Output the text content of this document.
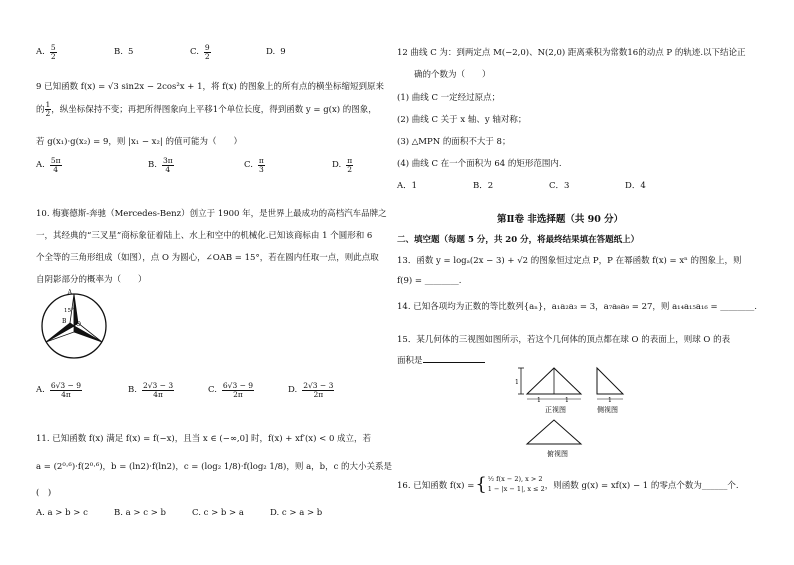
A. $\frac{5}{2}$	B. 5	C. $\frac{9}{2}$	D. 9
9 已知函数 f(x) = √3 sin2x − 2cos²x + 1，将 f(x) 的图象上的所有点的横坐标缩短到原来
的 $\frac{1}{2}$ ，纵坐标保持不变；再把所得图象向上平移1个单位长度，得到函数 y = g(x) 的图象，
若 g(x₁)·g(x₂) = 9，则 |x₁ − x₂| 的值可能为（　　）
A. $\frac{5\pi}{4}$	B. $\frac{3\pi}{4}$	C. $\frac{\pi}{3}$	D. $\frac{\pi}{2}$
10. 梅赛德斯-奔驰（Mercedes-Benz）创立于 1900 年，是世界上最成功的高档汽车品牌之
一，其经典的“三叉星”商标象征着陆上、水上和空中的机械化.已知该商标由 1 个圆形和 6
个全等的三角形组成（如图），点 O 为圆心，∠OAB = 15°，若在圆内任取一点，则此点取
自阴影部分的概率为（　　）
A
15°
B O
A. $\frac{6√3 - 9}{4\pi}$	B. $\frac{2√3 - 3}{4\pi}$	C. $\frac{6√3 - 9}{2\pi}$	D. $\frac{2√3 - 3}{2\pi}$
11. 已知函数 f(x) 满足 f(x) = f(−x)，且当 x ∈ (−∞,0] 时，f(x) + xf′(x) < 0 成立，若
a = (2⁰·⁶)·f(2⁰·⁶)，b = (ln2)·f(ln2)，c = (log₂ 1/8)·f(log₂ 1/8)，则 a，b，c 的大小关系是
(　)
A. a > b > c	B. a > c > b	C. c > b > a	D. c > a > b
12 曲线 C 为：到两定点 M(−2,0)、N(2,0) 距离乘积为常数16的动点 P 的轨迹.以下结论正
确的个数为（　　）
(1) 曲线 C 一定经过原点；
(2) 曲线 C 关于 x 轴、y 轴对称；
(3) △MPN 的面积不大于 8；
(4) 曲线 C 在一个面积为 64 的矩形范围内.
A．1	B．2	C．3	D．4
第Ⅱ卷 非选择题（共 90 分）
二、填空题（每题 5 分，共 20 分，将最终结果填在答题纸上）
13．函数 y = logₐ(2x − 3) + √2 的图象恒过定点 P，P 在幂函数 f(x) = xⁿ 的图象上，则
f(9) = ________.
14. 已知各项均为正数的等比数列{aₙ}，a₁a₂a₃ = 3，a₇a₈a₉ = 27，则 a₁₄a₁₅a₁₆ = ________.
15．某几何体的三视图如图所示，若这个几何体的顶点都在球 O 的表面上，则球 O 的表
面积是
1
1	1
正视图
1
侧视图
俯视图
16. 已知函数 f(x) = { ½ f(x − 2), x > 2
1 − |x − 1|, x ≤ 2 ，则函数 g(x) = xf(x) − 1 的零点个数为______个.
